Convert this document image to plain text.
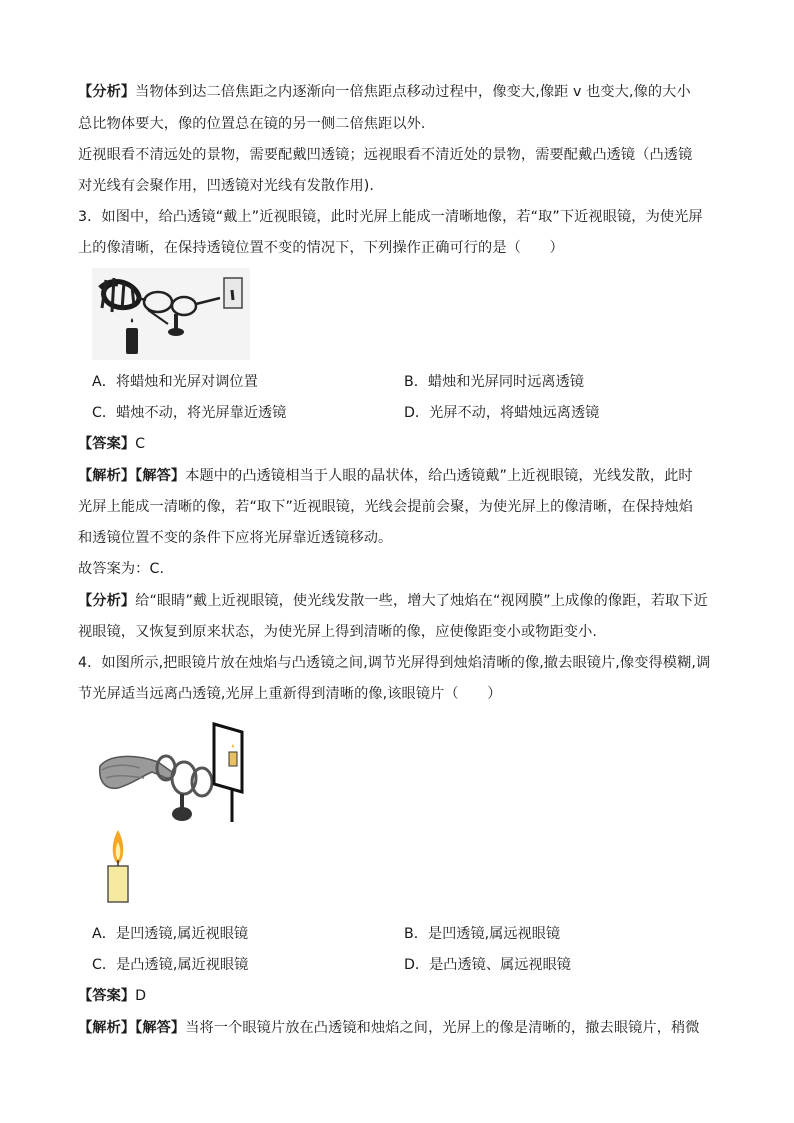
【分析】当物体到达二倍焦距之内逐渐向一倍焦距点移动过程中，像变大,像距 v 也变大,像的大小
总比物体要大，像的位置总在镜的另一侧二倍焦距以外.
近视眼看不清远处的景物，需要配戴凹透镜；远视眼看不清近处的景物，需要配戴凸透镜（凸透镜
对光线有会聚作用，凹透镜对光线有发散作用).
3．如图中，给凸透镜“戴上”近视眼镜，此时光屏上能成一清晰地像，若“取”下近视眼镜，为使光屏
上的像清晰，在保持透镜位置不变的情况下，下列操作正确可行的是（　　）
A．将蜡烛和光屏对调位置	B．蜡烛和光屏同时远离透镜
C．蜡烛不动，将光屏靠近透镜	D．光屏不动，将蜡烛远离透镜
【答案】C
【解析】【解答】本题中的凸透镜相当于人眼的晶状体，给凸透镜戴”上近视眼镜，光线发散，此时
光屏上能成一清晰的像，若“取下”近视眼镜，光线会提前会聚，为使光屏上的像清晰，在保持烛焰
和透镜位置不变的条件下应将光屏靠近透镜移动。
故答案为：C.
【分析】给“眼睛”戴上近视眼镜，使光线发散一些，增大了烛焰在“视网膜”上成像的像距，若取下近
视眼镜，又恢复到原来状态，为使光屏上得到清晰的像，应使像距变小或物距变小.
4．如图所示,把眼镜片放在烛焰与凸透镜之间,调节光屏得到烛焰清晰的像,撤去眼镜片,像变得模糊,调
节光屏适当远离凸透镜,光屏上重新得到清晰的像,该眼镜片（　　）
A．是凹透镜,属近视眼镜	B．是凹透镜,属远视眼镜
C．是凸透镜,属近视眼镜	D．是凸透镜、属远视眼镜
【答案】D
【解析】【解答】当将一个眼镜片放在凸透镜和烛焰之间，光屏上的像是清晰的，撤去眼镜片，稍微
